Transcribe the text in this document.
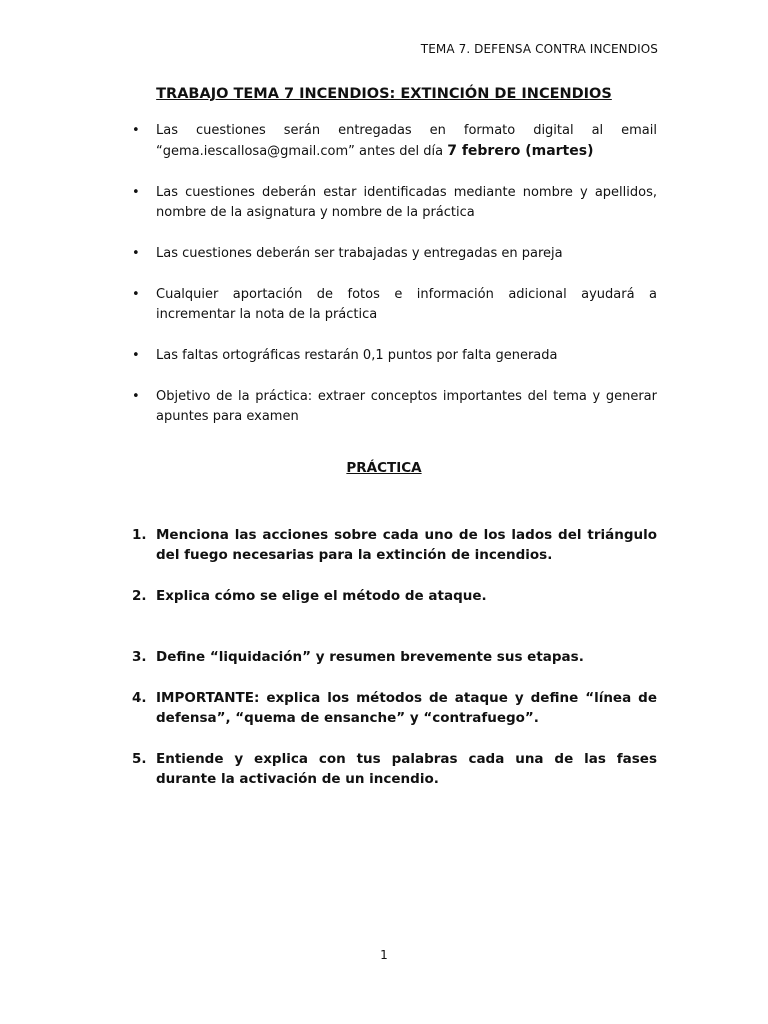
TEMA 7. DEFENSA CONTRA INCENDIOS
TRABAJO TEMA 7 INCENDIOS: EXTINCIÓN DE INCENDIOS
• Las cuestiones serán entregadas en formato digital al email “gema.iescallosa@gmail.com” antes del día 7 febrero (martes)
• Las cuestiones deberán estar identificadas mediante nombre y apellidos, nombre de la asignatura y nombre de la práctica
• Las cuestiones deberán ser trabajadas y entregadas en pareja
• Cualquier aportación de fotos e información adicional ayudará a incrementar la nota de la práctica
• Las faltas ortográficas restarán 0,1 puntos por falta generada
• Objetivo de la práctica: extraer conceptos importantes del tema y generar apuntes para examen
PRÁCTICA
1. Menciona las acciones sobre cada uno de los lados del triángulo del fuego necesarias para la extinción de incendios.
2. Explica cómo se elige el método de ataque.
3. Define “liquidación” y resumen brevemente sus etapas.
4. IMPORTANTE: explica los métodos de ataque y define “línea de defensa”, “quema de ensanche” y “contrafuego”.
5. Entiende y explica con tus palabras cada una de las fases durante la activación de un incendio.
1
